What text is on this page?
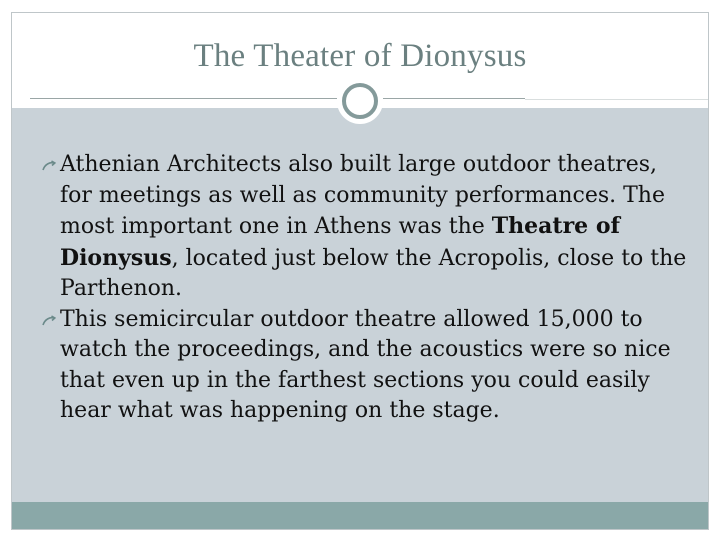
The Theater of Dionysus

Athenian Architects also built large outdoor theatres, for meetings as well as community performances. The most important one in Athens was the Theatre of Dionysus, located just below the Acropolis, close to the Parthenon.

This semicircular outdoor theatre allowed 15,000 to watch the proceedings, and the acoustics were so nice that even up in the farthest sections you could easily hear what was happening on the stage.
